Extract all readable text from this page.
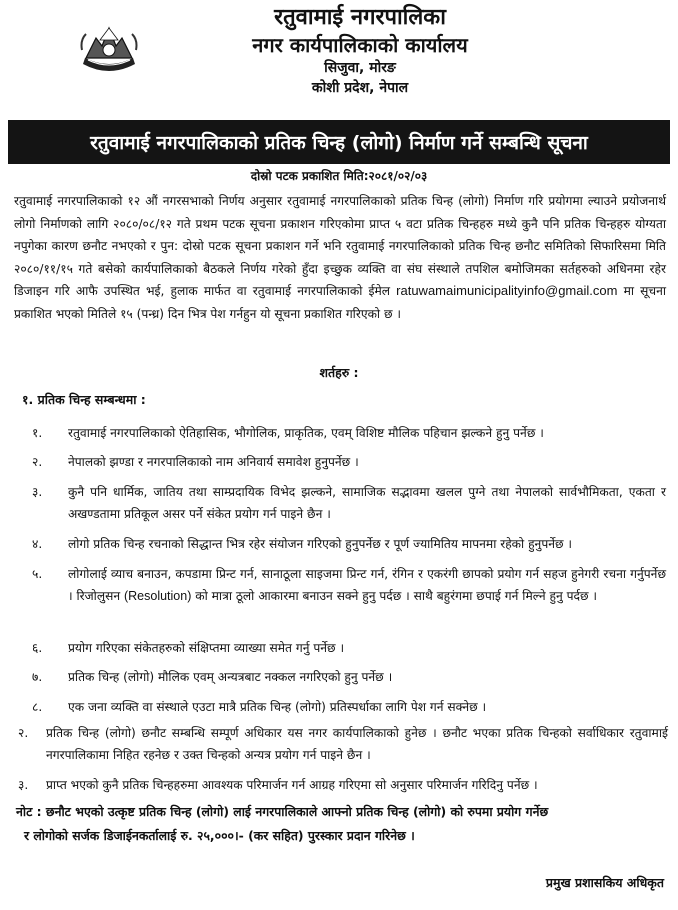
रतुवामाई नगरपालिका
नगर कार्यपालिकाको कार्यालय
सिजुवा, मोरङ
कोशी प्रदेश, नेपाल
रतुवामाई नगरपालिकाको प्रतिक चिन्ह (लोगो) निर्माण गर्ने सम्बन्धि सूचना
दोस्रो पटक प्रकाशित मिति:२०८१/०२/०३
रतुवामाई नगरपालिकाको १२ औं नगरसभाको निर्णय अनुसार रतुवामाई नगरपालिकाको प्रतिक चिन्ह (लोगो) निर्माण गरि प्रयोगमा ल्याउने प्रयोजनार्थ लोगो निर्माणको लागि २०८०/०८/१२ गते प्रथम पटक सूचना प्रकाशन गरिएकोमा प्राप्त ५ वटा प्रतिक चिन्हहरु मध्ये कुनै पनि प्रतिक चिन्हहरु योग्यता नपुगेका कारण छनौट नभएको र पुन: दोस्रो पटक सूचना प्रकाशन गर्ने भनि रतुवामाई नगरपालिकाको प्रतिक चिन्ह छनौट समितिको सिफारिसमा मिति २०८०/११/१५ गते बसेको कार्यपालिकाको बैठकले निर्णय गरेको हुँदा इच्छुक व्यक्ति वा संघ संस्थाले तपशिल बमोजिमका सर्तहरुको अधिनमा रहेर डिजाइन गरि आफै उपस्थित भई, हुलाक मार्फत वा रतुवामाई नगरपालिकाको ईमेल ratuwamaimunicipalityinfo@gmail.com मा सूचना प्रकाशित भएको मितिले १५ (पन्ध्र) दिन भित्र पेश गर्नहुन यो सूचना प्रकाशित गरिएको छ ।
शर्तहरु :
१. प्रतिक चिन्ह सम्बन्धमा :
१.	रतुवामाई नगरपालिकाको ऐतिहासिक, भौगोलिक, प्राकृतिक, एवम् विशिष्ट मौलिक पहिचान झल्कने हुनु पर्नेछ ।
२.	नेपालको झण्डा र नगरपालिकाको नाम अनिवार्य समावेश हुनुपर्नेछ ।
३.	कुनै पनि धार्मिक, जातिय तथा साम्प्रदायिक विभेद झल्कने, सामाजिक सद्भावमा खलल पुग्ने तथा नेपालको सार्वभौमिकता, एकता र अखण्डतामा प्रतिकूल असर पर्ने संकेत प्रयोग गर्न पाइने छैन ।
४.	लोगो प्रतिक चिन्ह रचनाको सिद्धान्त भित्र रहेर संयोजन गरिएको हुनुपर्नेछ र पूर्ण ज्यामितिय मापनमा रहेको हुनुपर्नेछ ।
५.	लोगोलाई व्याच बनाउन, कपडामा प्रिन्ट गर्न, सानाठूला साइजमा प्रिन्ट गर्न, रंगिन र एकरंगी छापको प्रयोग गर्न सहज हुनेगरी रचना गर्नुपर्नेछ । रिजोलुसन (Resolution) को मात्रा ठूलो आकारमा बनाउन सक्ने हुनु पर्दछ । साथै बहुरंगमा छपाई गर्न मिल्ने हुनु पर्दछ ।
६.	प्रयोग गरिएका संकेतहरुको संक्षिप्तमा व्याख्या समेत गर्नु पर्नेछ ।
७.	प्रतिक चिन्ह (लोगो) मौलिक एवम् अन्यत्रबाट नक्कल नगरिएको हुनु पर्नेछ ।
८.	एक जना व्यक्ति वा संस्थाले एउटा मात्रै प्रतिक चिन्ह (लोगो) प्रतिस्पर्धाका लागि पेश गर्न सक्नेछ ।
२.	प्रतिक चिन्ह (लोगो) छनौट सम्बन्धि सम्पूर्ण अधिकार यस नगर कार्यपालिकाको हुनेछ । छनौट भएका प्रतिक चिन्हको सर्वाधिकार रतुवामाई नगरपालिकामा निहित रहनेछ र उक्त चिन्हको अन्यत्र प्रयोग गर्न पाइने छैन ।
३.	प्राप्त भएको कुनै प्रतिक चिन्हहरुमा आवश्यक परिमार्जन गर्न आग्रह गरिएमा सो अनुसार परिमार्जन गरिदिनु पर्नेछ ।
नोट : छनौट भएको उत्कृष्ट प्रतिक चिन्ह (लोगो) लाई नगरपालिकाले आफ्नो प्रतिक चिन्ह (लोगो) को रुपमा प्रयोग गर्नेछ
र लोगोको सर्जक डिजाईनकर्तालाई रु. २५,०००।- (कर सहित) पुरस्कार प्रदान गरिनेछ ।
प्रमुख प्रशासकिय अधिकृत
